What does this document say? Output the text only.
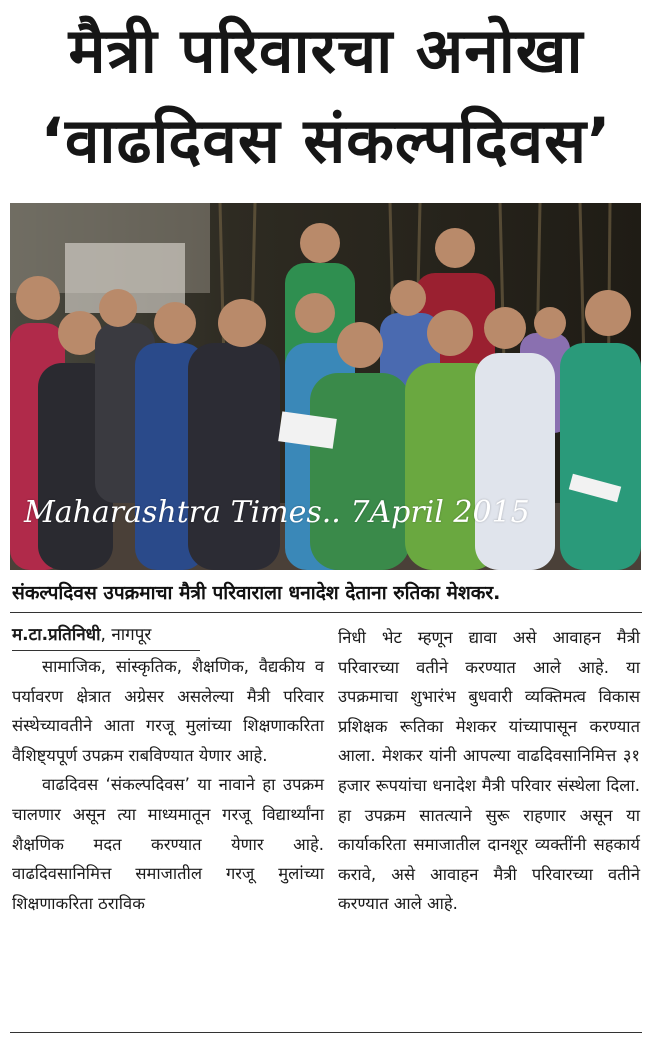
मैत्री परिवारचा अनोखा
‘वाढदिवस संकल्पदिवस’
Maharashtra Times.. 7April 2015
संकल्पदिवस उपक्रमाचा मैत्री परिवाराला धनादेश देताना रुतिका मेशकर.
म.टा.प्रतिनिधी, नागपूर

सामाजिक, सांस्कृतिक, शैक्षणिक, वैद्यकीय व पर्यावरण क्षेत्रात अग्रेसर असलेल्या मैत्री परिवार संस्थेच्यावतीने आता गरजू मुलांच्या शिक्षणाकरिता वैशिष्ट्यपूर्ण उपक्रम राबविण्यात येणार आहे.

वाढदिवस ‘संकल्पदिवस’ या नावाने हा उपक्रम चालणार असून त्या माध्यमातून गरजू विद्यार्थ्यांना शैक्षणिक मदत करण्यात येणार आहे. वाढदिवसानिमित्त समाजातील गरजू मुलांच्या शिक्षणाकरिता ठराविक

निधी भेट म्हणून द्यावा असे आवाहन मैत्री परिवारच्या वतीने करण्यात आले आहे. या उपक्रमाचा शुभारंभ बुधवारी व्यक्तिमत्व विकास प्रशिक्षक रूतिका मेशकर यांच्यापासून करण्यात आला. मेशकर यांनी आपल्या वाढदिवसानिमित्त ३१ हजार रूपयांचा धनादेश मैत्री परिवार संस्थेला दिला. हा उपक्रम सातत्याने सुरू राहणार असून या कार्याकरिता समाजातील दानशूर व्यक्तींनी सहकार्य करावे, असे आवाहन मैत्री परिवारच्या वतीने करण्यात आले आहे.
